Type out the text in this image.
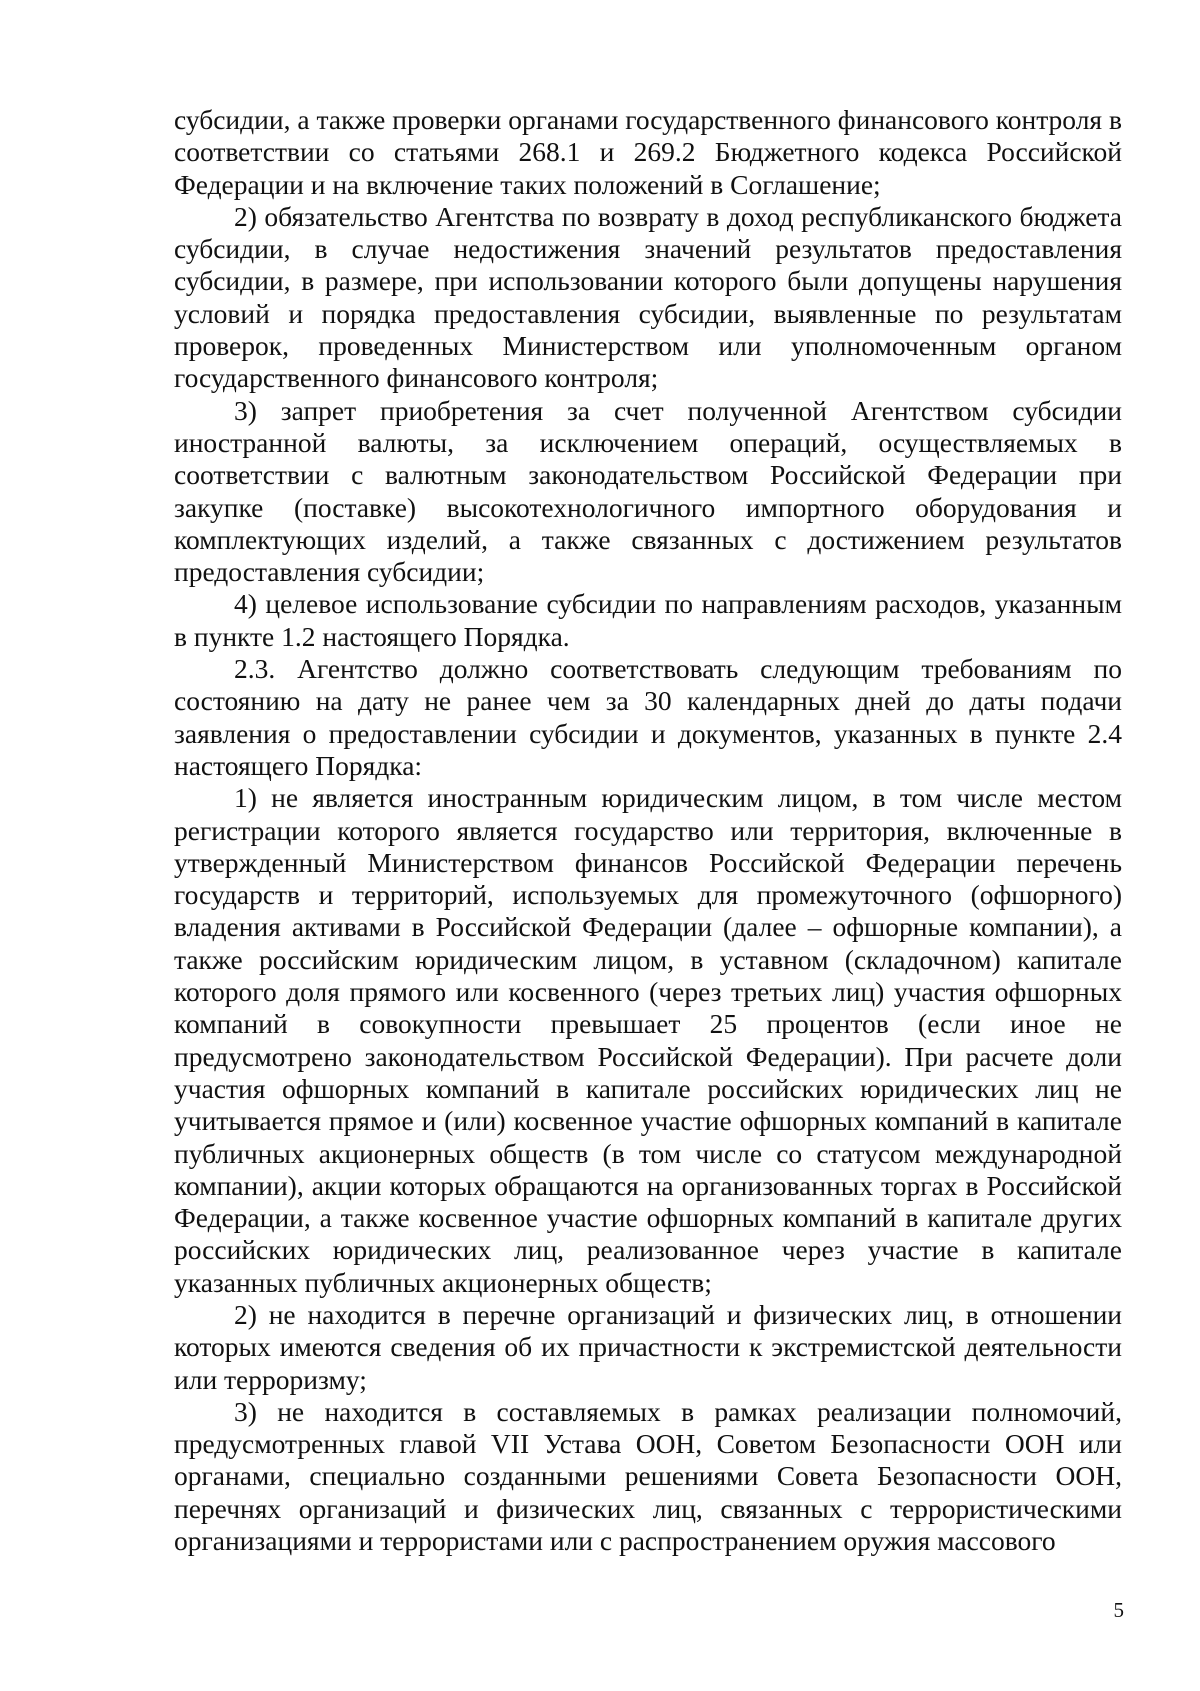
субсидии, а также проверки органами государственного финансового контроля в соответствии со статьями 268.1 и 269.2 Бюджетного кодекса Российской Федерации и на включение таких положений в Соглашение;

2) обязательство Агентства по возврату в доход республиканского бюджета субсидии, в случае недостижения значений результатов предоставления субсидии, в размере, при использовании которого были допущены нарушения условий и порядка предоставления субсидии, выявленные по результатам проверок, проведенных Министерством или уполномоченным органом государственного финансового контроля;

3) запрет приобретения за счет полученной Агентством субсидии иностранной валюты, за исключением операций, осуществляемых в соответствии с валютным законодательством Российской Федерации при закупке (поставке) высокотехнологичного импортного оборудования и комплектующих изделий, а также связанных с достижением результатов предоставления субсидии;

4) целевое использование субсидии по направлениям расходов, указанным в пункте 1.2 настоящего Порядка.

2.3. Агентство должно соответствовать следующим требованиям по состоянию на дату не ранее чем за 30 календарных дней до даты подачи заявления о предоставлении субсидии и документов, указанных в пункте 2.4 настоящего Порядка:

1) не является иностранным юридическим лицом, в том числе местом регистрации которого является государство или территория, включенные в утвержденный Министерством финансов Российской Федерации перечень государств и территорий, используемых для промежуточного (офшорного) владения активами в Российской Федерации (далее – офшорные компании), а также российским юридическим лицом, в уставном (складочном) капитале которого доля прямого или косвенного (через третьих лиц) участия офшорных компаний в совокупности превышает 25 процентов (если иное не предусмотрено законодательством Российской Федерации). При расчете доли участия офшорных компаний в капитале российских юридических лиц не учитывается прямое и (или) косвенное участие офшорных компаний в капитале публичных акционерных обществ (в том числе со статусом международной компании), акции которых обращаются на организованных торгах в Российской Федерации, а также косвенное участие офшорных компаний в капитале других российских юридических лиц, реализованное через участие в капитале указанных публичных акционерных обществ;

2) не находится в перечне организаций и физических лиц, в отношении которых имеются сведения об их причастности к экстремистской деятельности или терроризму;

3) не находится в составляемых в рамках реализации полномочий, предусмотренных главой VII Устава ООН, Советом Безопасности ООН или органами, специально созданными решениями Совета Безопасности ООН, перечнях организаций и физических лиц, связанных с террористическими организациями и террористами или с распространением оружия массового

5
